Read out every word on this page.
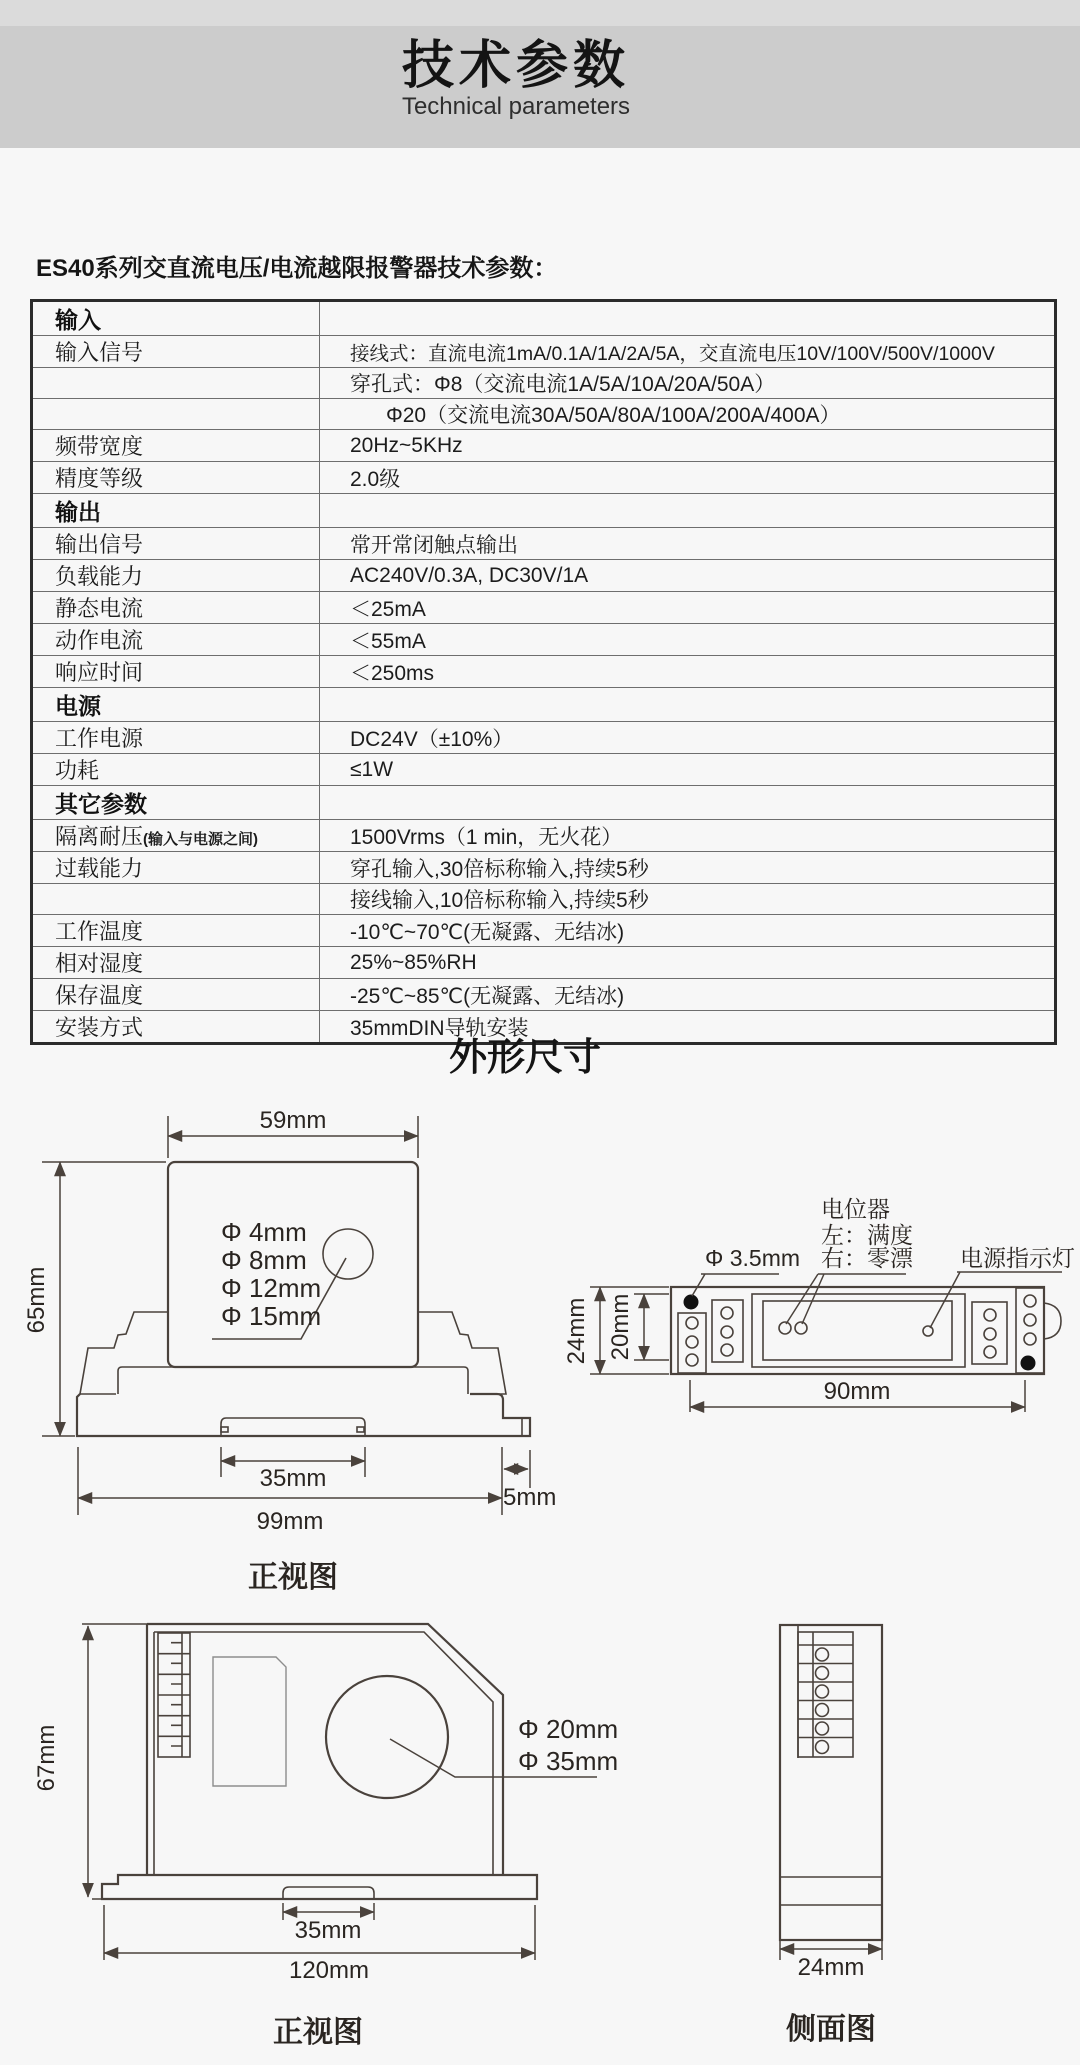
技术参数

Technical parameters

ES40系列交直流电压/电流越限报警器技术参数：
输入	
输入信号	接线式：直流电流1mA/0.1A/1A/2A/5A，交直流电压10V/100V/500V/1000V
	穿孔式：Φ8（交流电流1A/5A/10A/20A/50A）
	Φ20（交流电流30A/50A/80A/100A/200A/400A）
频带宽度	20Hz~5KHz
精度等级	2.0级
输出	
输出信号	常开常闭触点输出
负载能力	AC240V/0.3A, DC30V/1A
静态电流	＜25mA
动作电流	＜55mA
响应时间	＜250ms
电源	
工作电源	DC24V（±10%）
功耗	≤1W
其它参数	
隔离耐压(输入与电源之间)	1500Vrms（1 min，无火花）
过载能力	穿孔输入,30倍标称输入,持续5秒
	接线输入,10倍标称输入,持续5秒
工作温度	-10℃~70℃(无凝露、无结冰)
相对湿度	25%~85%RH
保存温度	-25℃~85℃(无凝露、无结冰)
安装方式	35mmDIN导轨安装
外形尺寸
Φ 4mm
Φ 8mm
Φ 12mm
Φ 15mm
59mm
65mm
35mm
99mm
5mm
正视图
电位器
左：满度
右：零漂
Φ 3.5mm	电源指示灯
24mm 20mm
90mm
Φ 20mm
Φ 35mm
67mm
35mm
120mm
正视图
24mm
侧面图
